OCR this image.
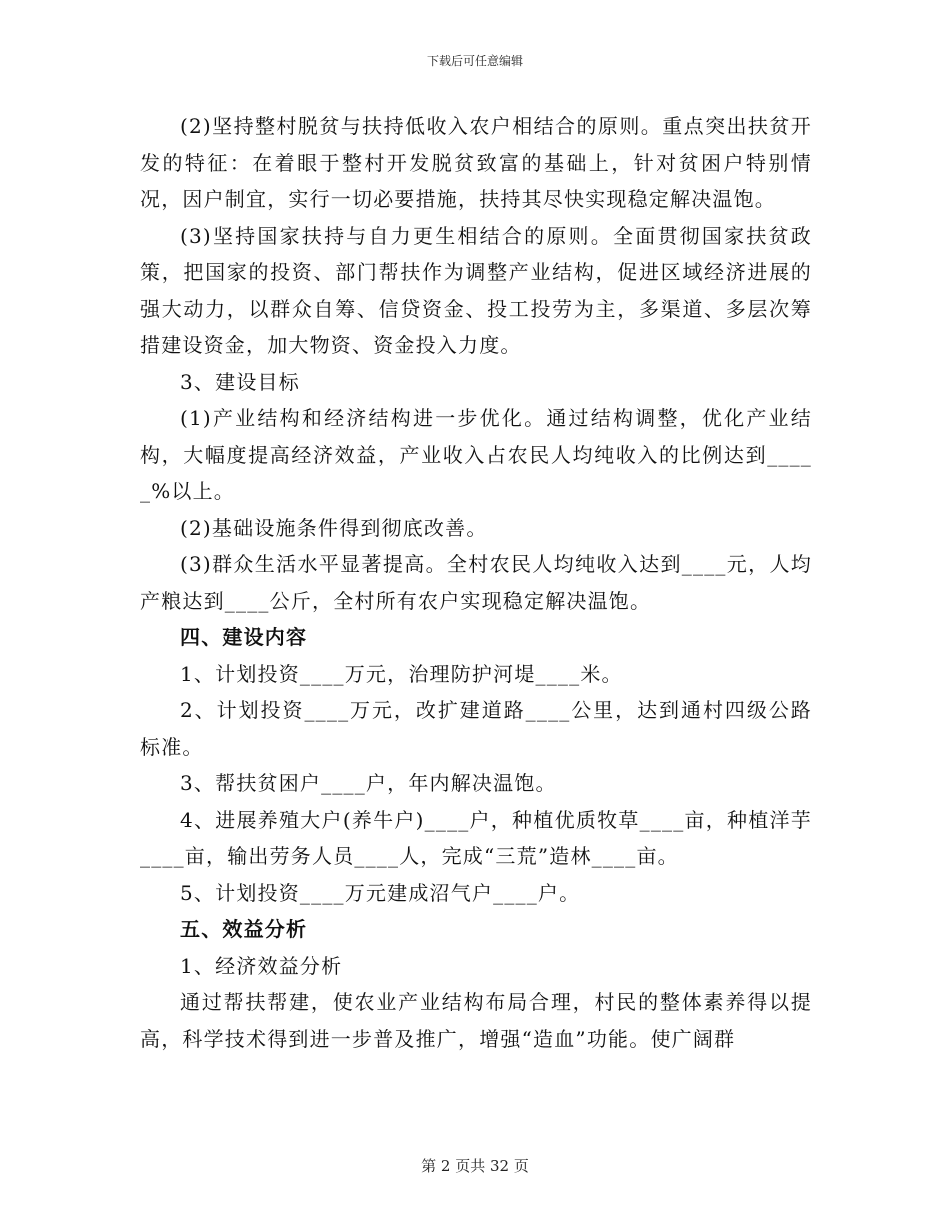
下载后可任意编辑

(2)坚持整村脱贫与扶持低收入农户相结合的原则。重点突出扶贫开发的特征：在着眼于整村开发脱贫致富的基础上，针对贫困户特别情况，因户制宜，实行一切必要措施，扶持其尽快实现稳定解决温饱。

(3)坚持国家扶持与自力更生相结合的原则。全面贯彻国家扶贫政策，把国家的投资、部门帮扶作为调整产业结构，促进区域经济进展的强大动力，以群众自筹、信贷资金、投工投劳为主，多渠道、多层次筹措建设资金，加大物资、资金投入力度。

3、建设目标

(1)产业结构和经济结构进一步优化。通过结构调整，优化产业结构，大幅度提高经济效益，产业收入占农民人均纯收入的比例达到_____%以上。

(2)基础设施条件得到彻底改善。

(3)群众生活水平显著提高。全村农民人均纯收入达到____元，人均产粮达到____公斤，全村所有农户实现稳定解决温饱。

四、建设内容

1、计划投资____万元，治理防护河堤____米。

2、计划投资____万元，改扩建道路____公里，达到通村四级公路标准。

3、帮扶贫困户____户，年内解决温饱。

4、进展养殖大户(养牛户)____户，种植优质牧草____亩，种植洋芋____亩，输出劳务人员____人，完成“三荒”造林____亩。

5、计划投资____万元建成沼气户____户。

五、效益分析

1、经济效益分析

通过帮扶帮建，使农业产业结构布局合理，村民的整体素养得以提高，科学技术得到进一步普及推广，增强“造血”功能。使广阔群

第 2 页共 32 页
